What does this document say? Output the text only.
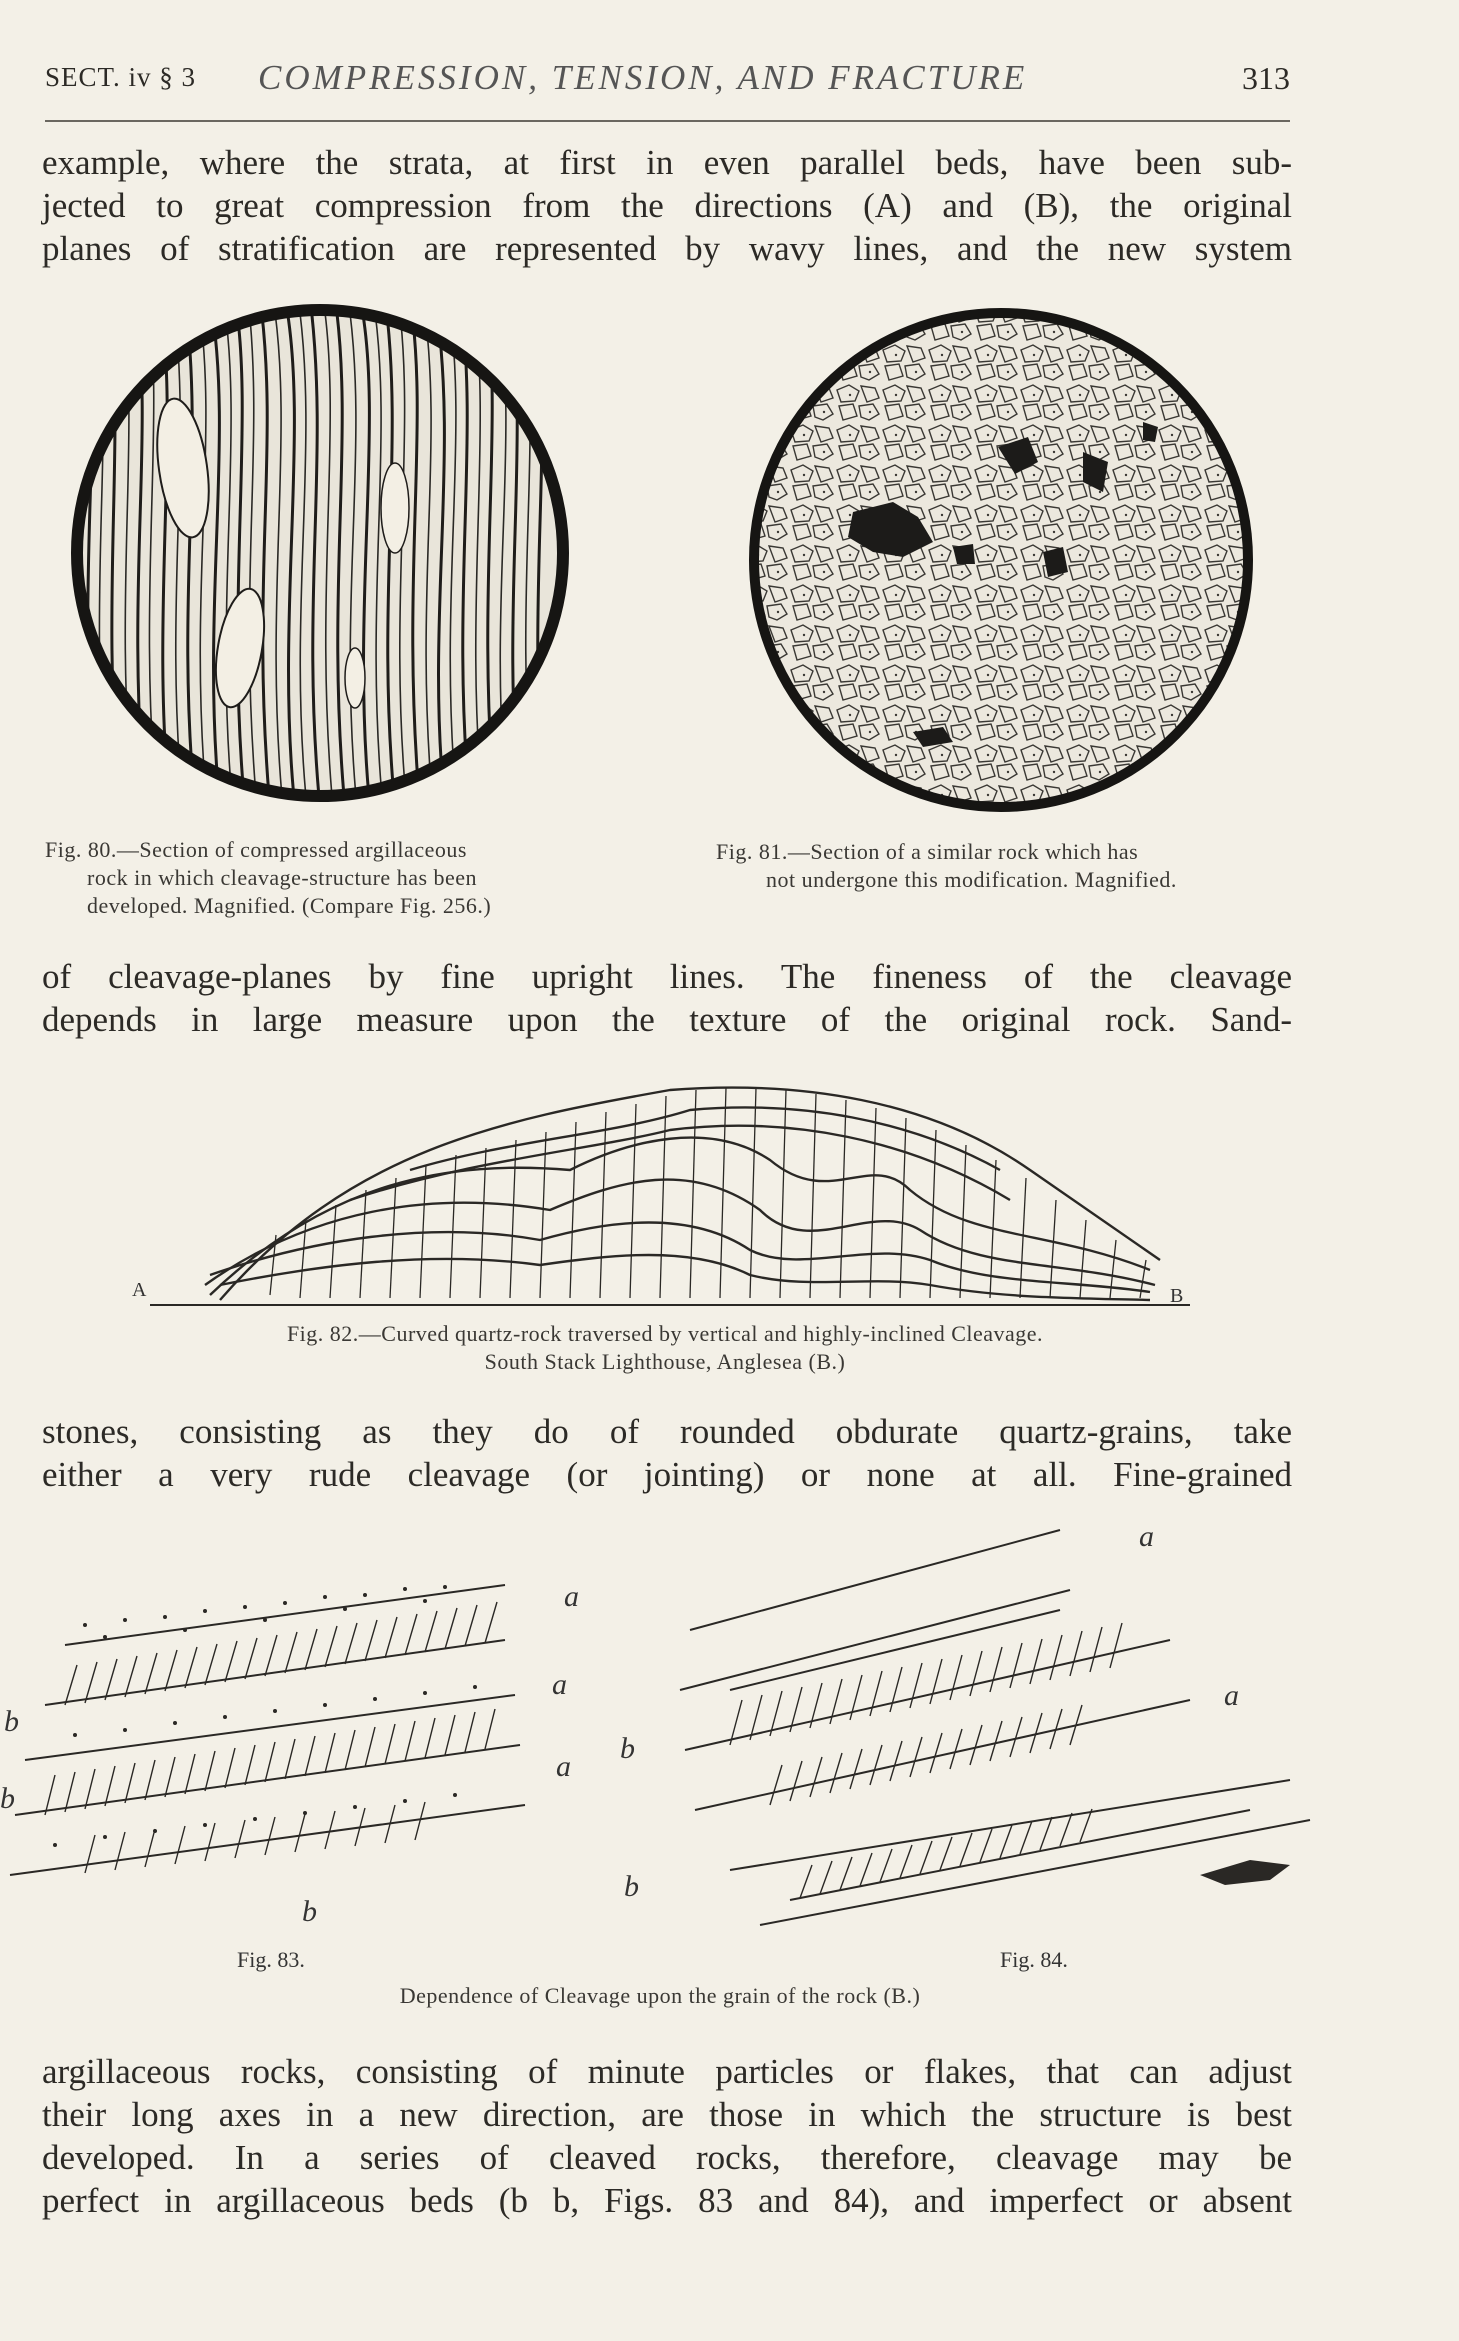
SECT. iv § 3 COMPRESSION, TENSION, AND FRACTURE	313
example, where the strata, at first in even parallel beds, have been sub-
jected to great compression from the directions (A) and (B), the original
planes of stratification are represented by wavy lines, and the new system
Fig. 80.—Section of compressed argillaceous
rock in which cleavage-structure has been
developed. Magnified. (Compare Fig. 256.)
Fig. 81.—Section of a similar rock which has
not undergone this modification. Magnified.
of cleavage-planes by fine upright lines. The fineness of the cleavage
depends in large measure upon the texture of the original rock. Sand-
A	B
Fig. 82.—Curved quartz-rock traversed by vertical and highly-inclined Cleavage.
South Stack Lighthouse, Anglesea (B.)
stones, consisting as they do of rounded obdurate quartz-grains, take
either a very rude cleavage (or jointing) or none at all. Fine-grained
a
a
a
b
b
b
Fig. 83.
a
a
b
b
Fig. 84.
Dependence of Cleavage upon the grain of the rock (B.)
argillaceous rocks, consisting of minute particles or flakes, that can adjust
their long axes in a new direction, are those in which the structure is best
developed. In a series of cleaved rocks, therefore, cleavage may be
perfect in argillaceous beds (b b, Figs. 83 and 84), and imperfect or absent
